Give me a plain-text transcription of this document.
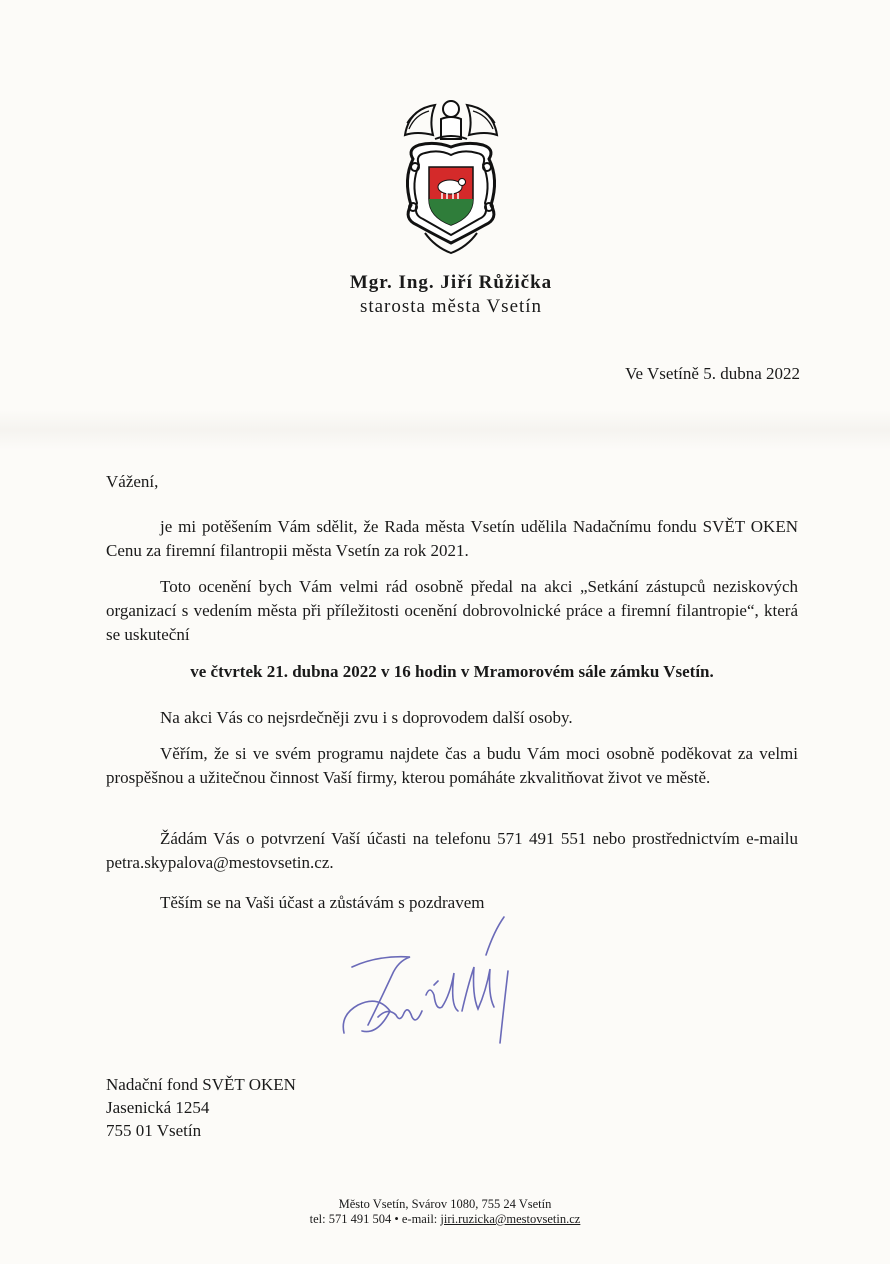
Mgr. Ing. Jiří Růžička
starosta města Vsetín
Ve Vsetíně 5. dubna 2022
Vážení,

je mi potěšením Vám sdělit, že Rada města Vsetín udělila Nadačnímu fondu SVĚT OKEN Cenu za firemní filantropii města Vsetín za rok 2021.

Toto ocenění bych Vám velmi rád osobně předal na akci „Setkání zástupců neziskových organizací s vedením města při příležitosti ocenění dobrovolnické práce a firemní filantropie“, která se uskuteční

ve čtvrtek 21. dubna 2022 v 16 hodin v Mramorovém sále zámku Vsetín.

Na akci Vás co nejsrdečněji zvu i s doprovodem další osoby.

Věřím, že si ve svém programu najdete čas a budu Vám moci osobně poděkovat za velmi prospěšnou a užitečnou činnost Vaší firmy, kterou pomáháte zkvalitňovat život ve městě.

Žádám Vás o potvrzení Vaší účasti na telefonu 571 491 551 nebo prostřednictvím e-mailu petra.skypalova@mestovsetin.cz.

Těším se na Vaši účast a zůstávám s pozdravem
Nadační fond SVĚT OKEN
Jasenická 1254
755 01 Vsetín
Město Vsetín, Svárov 1080, 755 24 Vsetín
tel: 571 491 504 • e-mail: jiri.ruzicka@mestovsetin.cz
